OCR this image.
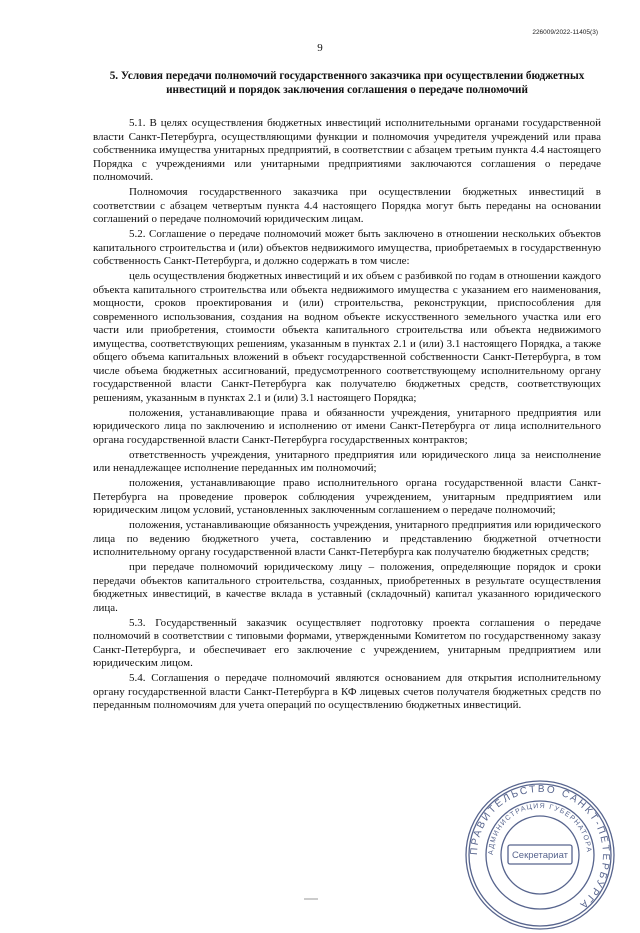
226009/2022-11405(3)
9
5. Условия передачи полномочий государственного заказчика при осуществлении бюджетных инвестиций и порядок заключения соглашения о передаче полномочий

5.1. В целях осуществления бюджетных инвестиций исполнительными органами государственной власти Санкт-Петербурга, осуществляющими функции и полномочия учредителя учреждений или права собственника имущества унитарных предприятий, в соответствии с абзацем третьим пункта 4.4 настоящего Порядка с учреждениями или унитарными предприятиями заключаются соглашения о передаче полномочий.

Полномочия государственного заказчика при осуществлении бюджетных инвестиций в соответствии с абзацем четвертым пункта 4.4 настоящего Порядка могут быть переданы на основании соглашений о передаче полномочий юридическим лицам.

5.2. Соглашение о передаче полномочий может быть заключено в отношении нескольких объектов капитального строительства и (или) объектов недвижимого имущества, приобретаемых в государственную собственность Санкт-Петербурга, и должно содержать в том числе:

цель осуществления бюджетных инвестиций и их объем с разбивкой по годам в отношении каждого объекта капитального строительства или объекта недвижимого имущества с указанием его наименования, мощности, сроков проектирования и (или) строительства, реконструкции, приспособления для современного использования, создания на водном объекте искусственного земельного участка или его части или приобретения, стоимости объекта капитального строительства или объекта недвижимого имущества, соответствующих решениям, указанным в пунктах 2.1 и (или) 3.1 настоящего Порядка, а также общего объема капитальных вложений в объект государственной собственности Санкт-Петербурга, в том числе объема бюджетных ассигнований, предусмотренного соответствующему исполнительному органу государственной власти Санкт-Петербурга как получателю бюджетных средств, соответствующих решениям, указанным в пунктах 2.1 и (или) 3.1 настоящего Порядка;

положения, устанавливающие права и обязанности учреждения, унитарного предприятия или юридического лица по заключению и исполнению от имени Санкт-Петербурга от лица исполнительного органа государственной власти Санкт-Петербурга государственных контрактов;

ответственность учреждения, унитарного предприятия или юридического лица за неисполнение или ненадлежащее исполнение переданных им полномочий;

положения, устанавливающие право исполнительного органа государственной власти Санкт-Петербурга на проведение проверок соблюдения учреждением, унитарным предприятием или юридическим лицом условий, установленных заключенным соглашением о передаче полномочий;

положения, устанавливающие обязанность учреждения, унитарного предприятия или юридического лица по ведению бюджетного учета, составлению и представлению бюджетной отчетности исполнительному органу государственной власти Санкт-Петербурга как получателю бюджетных средств;

при передаче полномочий юридическому лицу – положения, определяющие порядок и сроки передачи объектов капитального строительства, созданных, приобретенных в результате осуществления бюджетных инвестиций, в качестве вклада в уставный (складочный) капитал указанного юридического лица.

5.3. Государственный заказчик осуществляет подготовку проекта соглашения о передаче полномочий в соответствии с типовыми формами, утвержденными Комитетом по государственному заказу Санкт-Петербурга, и обеспечивает его заключение с учреждением, унитарным предприятием или юридическим лицом.

5.4. Соглашения о передаче полномочий являются основанием для открытия исполнительному органу государственной власти Санкт-Петербурга в КФ лицевых счетов получателя бюджетных средств по переданным полномочиям для учета операций по осуществлению бюджетных инвестиций.

ПРАВИТЕЛЬСТВО САНКТ-ПЕТЕРБУРГА
АДМИНИСТРАЦИЯ ГУБЕРНАТОРА
Секретариат
